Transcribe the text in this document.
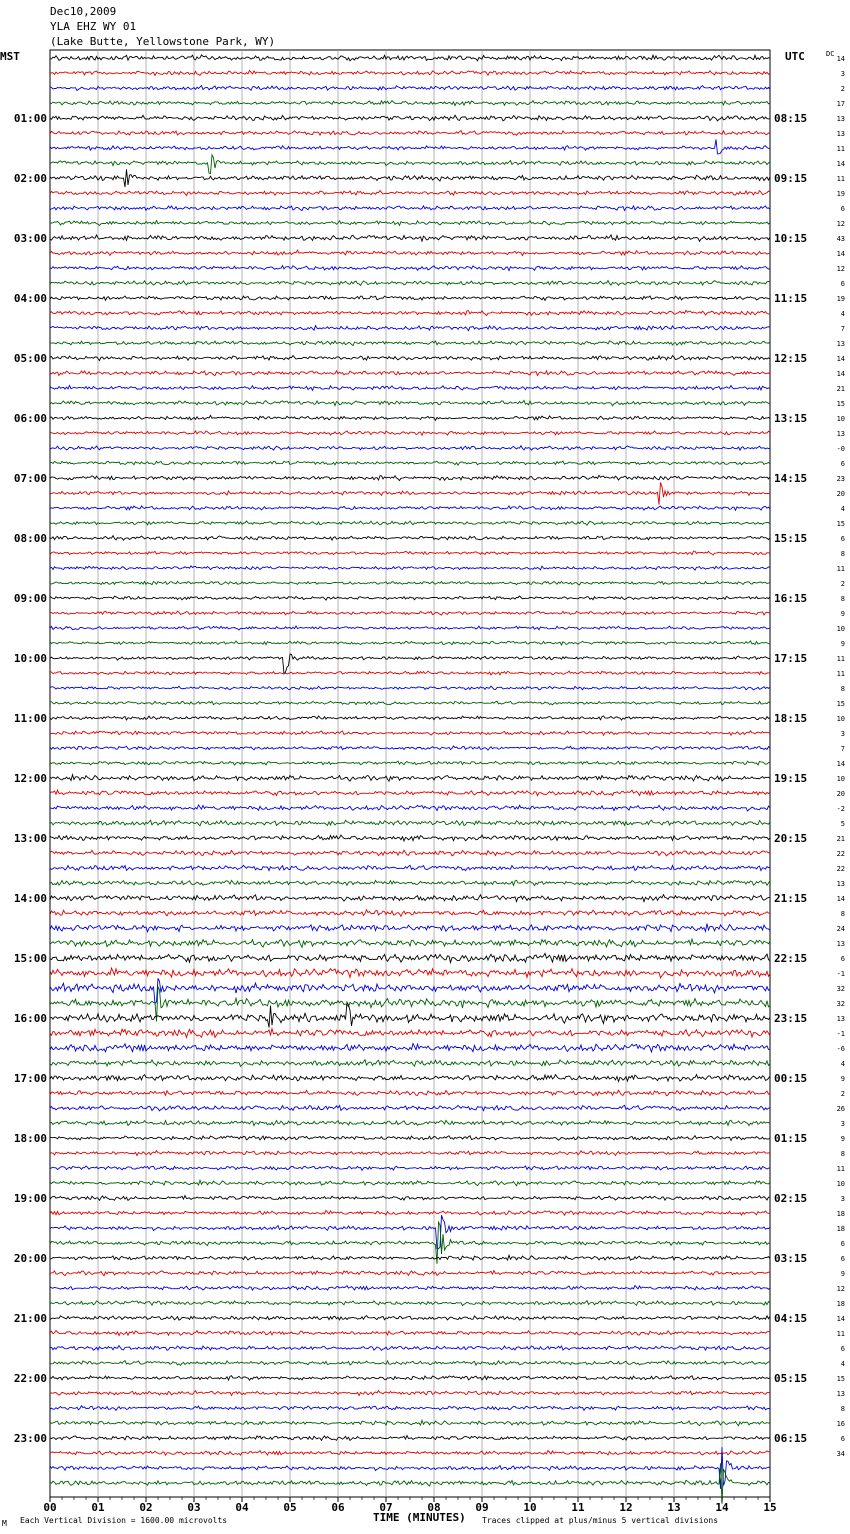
Dec10,2009
YLA EHZ WY 01
(Lake Butte, Yellowstone Park, WY)
MST	UTC
01:00
02:00
03:00
04:00
05:00
06:00
07:00
08:00
09:00
10:00
11:00
12:00
13:00
14:00
15:00
16:00
17:00
18:00
19:00
20:00
21:00
22:00
23:00
08:15
09:15
10:15
11:15
12:15
13:15
14:15
15:15
16:15
17:15
18:15
19:15
20:15
21:15
22:15
23:15
00:15
01:15
02:15
03:15
04:15
05:15
06:15
DC
14
3
2
17
13
13
11
14
11
19
6
12
43
14
12
6
19
4
7
13
14
14
21
15
10
13
-0
6
23
20
4
15
6
8
11
2
8
9
10
9
11
11
8
15
10
3
7
14
10
20
-2
5
21
22
22
13
14
8
24
13
6
-1
32
32
13
-1
-6
4
9
2
26
3
9
8
11
10
3
18
18
6
6
9
12
18
14
11
6
4
15
13
8
16
6
34
00	01	02	03	04	05	06	07	08	09	10	11	12	13	14	15
TIME (MINUTES)
M Each Vertical Division = 1600.00 microvolts	Traces clipped at plus/minus 5 vertical divisions
